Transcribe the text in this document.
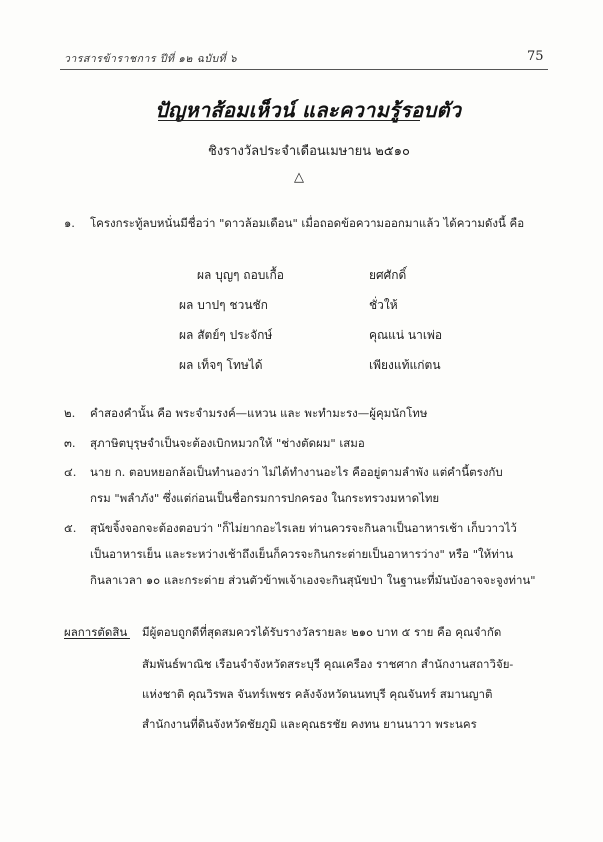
วารสารข้าราชการ ปีที่ ๑๒ ฉบับที่ ๖	75
ปัญหาส้อมเห็วน์ และความรู้รอบตัว
ชิงรางวัลประจำเดือนเมษายน ๒๕๑๐
△
๑. โครงกระทู้ลบหนั่นมีชื่อว่า "ดาวล้อมเดือน" เมื่อถอดข้อความออกมาแล้ว ได้ความดังนี้ คือ
ผล บุญๆ ถอบเกื้อ	ยศศักดิ์
ผล บาปๆ ชวนชัก	ชั่วให้
ผล สัตย์ๆ ประจักษ์	คุณแน่ นาเพ่อ
ผล เท็จๆ โทษได้	เพียงแท้แก่ตน
๒. คำสองคำนั้น คือ พระจำมรงค์—แหวน และ พะทำมะรง—ผู้คุมนักโทษ
๓. สุภาษิตบุรุษจำเป็นจะต้องเบิกหมวกให้ "ช่างตัดผม" เสมอ
๔. นาย ก. ตอบหยอกล้อเป็นทำนองว่า ไม่ได้ทำงานอะไร คืออยู่ตามลำพัง แต่คำนี้ตรงกับ
กรม "พลำภัง" ซึ่งแต่ก่อนเป็นชื่อกรมการปกครอง ในกระทรวงมหาดไทย
๕. สุนัขจิ้งจอกจะต้องตอบว่า "ก็ไม่ยากอะไรเลย ท่านควรจะกินลาเป็นอาหารเช้า เก็บวาวไว้
เป็นอาหารเย็น และระหว่างเช้าถึงเย็นก็ควรจะกินกระต่ายเป็นอาหารว่าง" หรือ "ให้ท่าน
กินลาเวลา ๑๐ และกระต่าย ส่วนตัวข้าพเจ้าเองจะกินสุนัขป่า ในฐานะที่มันบังอาจจะจูงท่าน"
ผลการตัดสิน มีผู้ตอบถูกดีที่สุดสมควรได้รับรางวัลรายละ ๒๑๐ บาท ๕ ราย คือ คุณจำกัด
สัมพันธ์พาณิช เรือนจำจังหวัดสระบุรี คุณเครือง ราชศาก สำนักงานสถาวิจัย-
แห่งชาติ คุณวิรพล จันทร์เพชร คลังจังหวัดนนทบุรี คุณจันทร์ สมานญาติ
สำนักงานที่ดินจังหวัดชัยภูมิ และคุณธรชัย คงทน ยานนาวา พระนคร
